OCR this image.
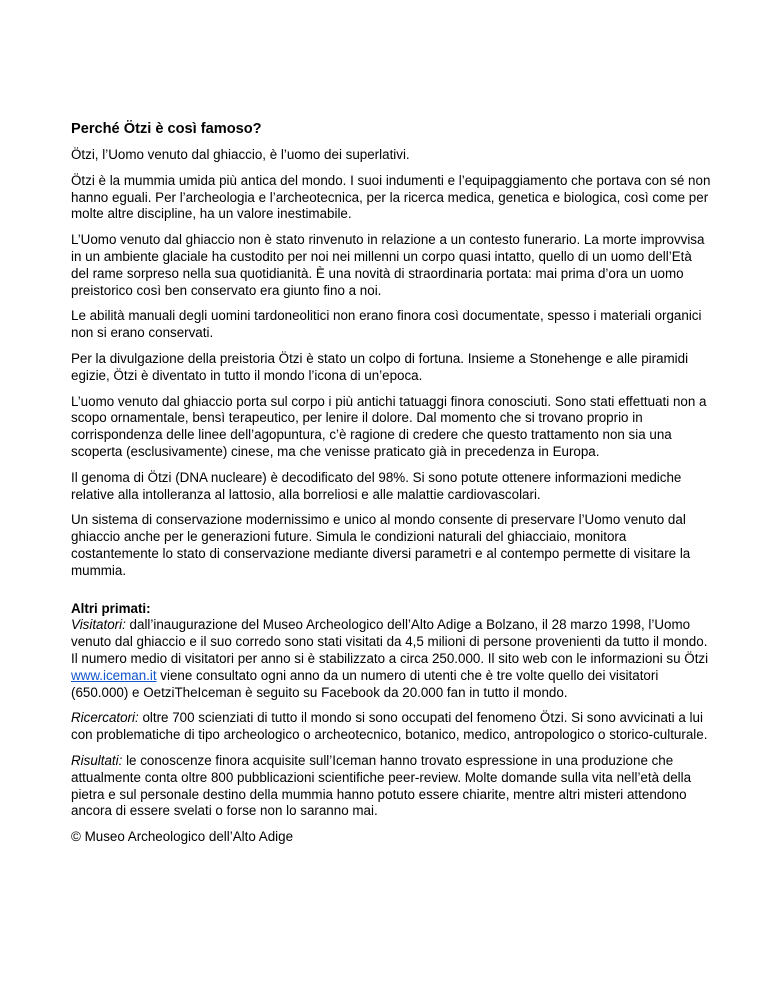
Perché Ötzi è così famoso?

Ötzi, l’Uomo venuto dal ghiaccio, è l’uomo dei superlativi.

Ötzi è la mummia umida più antica del mondo. I suoi indumenti e l’equipaggiamento che portava con sé non hanno eguali. Per l’archeologia e l’archeotecnica, per la ricerca medica, genetica e biologica, così come per molte altre discipline, ha un valore inestimabile.

L’Uomo venuto dal ghiaccio non è stato rinvenuto in relazione a un contesto funerario. La morte improvvisa in un ambiente glaciale ha custodito per noi nei millenni un corpo quasi intatto, quello di un uomo dell’Età del rame sorpreso nella sua quotidianità. È una novità di straordinaria portata: mai prima d’ora un uomo preistorico così ben conservato era giunto fino a noi.

Le abilità manuali degli uomini tardoneolitici non erano finora così documentate, spesso i materiali organici non si erano conservati.

Per la divulgazione della preistoria Ötzi è stato un colpo di fortuna. Insieme a Stonehenge e alle piramidi egizie, Ötzi è diventato in tutto il mondo l’icona di un’epoca.

L’uomo venuto dal ghiaccio porta sul corpo i più antichi tatuaggi finora conosciuti. Sono stati effettuati non a scopo ornamentale, bensì terapeutico, per lenire il dolore. Dal momento che si trovano proprio in corrispondenza delle linee dell’agopuntura, c’è ragione di credere che questo trattamento non sia una scoperta (esclusivamente) cinese, ma che venisse praticato già in precedenza in Europa.

Il genoma di Ötzi (DNA nucleare) è decodificato del 98%. Si sono potute ottenere informazioni mediche relative alla intolleranza al lattosio, alla borreliosi e alle malattie cardiovascolari.

Un sistema di conservazione modernissimo e unico al mondo consente di preservare l’Uomo venuto dal ghiaccio anche per le generazioni future. Simula le condizioni naturali del ghiacciaio, monitora costantemente lo stato di conservazione mediante diversi parametri e al contempo permette di visitare la mummia.

Altri primati:

Visitatori: dall’inaugurazione del Museo Archeologico dell’Alto Adige a Bolzano, il 28 marzo 1998, l’Uomo venuto dal ghiaccio e il suo corredo sono stati visitati da 4,5 milioni di persone provenienti da tutto il mondo. Il numero medio di visitatori per anno si è stabilizzato a circa 250.000. Il sito web con le informazioni su Ötzi www.iceman.it viene consultato ogni anno da un numero di utenti che è tre volte quello dei visitatori (650.000) e OetziTheIceman è seguito su Facebook da 20.000 fan in tutto il mondo.

Ricercatori: oltre 700 scienziati di tutto il mondo si sono occupati del fenomeno Ötzi. Si sono avvicinati a lui con problematiche di tipo archeologico o archeotecnico, botanico, medico, antropologico o storico-culturale.

Risultati: le conoscenze finora acquisite sull’Iceman hanno trovato espressione in una produzione che attualmente conta oltre 800 pubblicazioni scientifiche peer-review. Molte domande sulla vita nell’età della pietra e sul personale destino della mummia hanno potuto essere chiarite, mentre altri misteri attendono ancora di essere svelati o forse non lo saranno mai.

© Museo Archeologico dell’Alto Adige
